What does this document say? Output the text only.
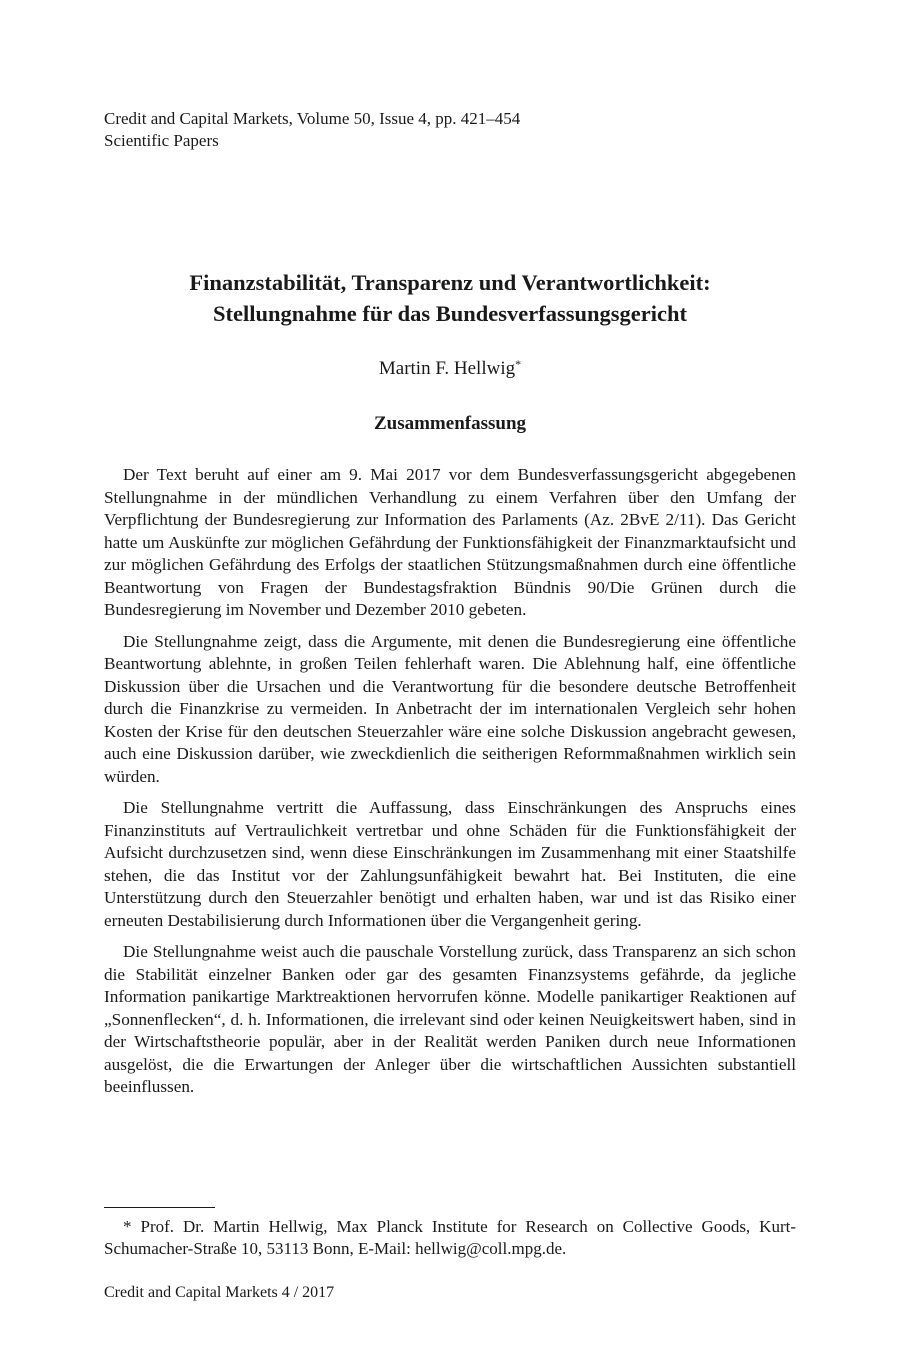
Credit and Capital Markets, Volume 50, Issue 4, pp. 421–454
Scientific Papers
Finanzstabilität, Transparenz und Verantwortlichkeit:
Stellungnahme für das Bundesverfassungsgericht
Martin F. Hellwig*
Zusammenfassung

Der Text beruht auf einer am 9. Mai 2017 vor dem Bundesverfassungsgericht abgegebenen Stellungnahme in der mündlichen Verhandlung zu einem Verfahren über den Umfang der Verpflichtung der Bundesregierung zur Information des Parlaments (Az. 2BvE 2/11). Das Gericht hatte um Auskünfte zur möglichen Gefährdung der Funktionsfähigkeit der Finanzmarktaufsicht und zur möglichen Gefährdung des Erfolgs der staatlichen Stützungsmaßnahmen durch eine öffentliche Beantwortung von Fragen der Bundestagsfraktion Bündnis 90/Die Grünen durch die Bundesregierung im November und Dezember 2010 gebeten.

Die Stellungnahme zeigt, dass die Argumente, mit denen die Bundesregierung eine öffentliche Beantwortung ablehnte, in großen Teilen fehlerhaft waren. Die Ablehnung half, eine öffentliche Diskussion über die Ursachen und die Verantwortung für die besondere deutsche Betroffenheit durch die Finanzkrise zu vermeiden. In Anbetracht der im internationalen Vergleich sehr hohen Kosten der Krise für den deutschen Steuerzahler wäre eine solche Diskussion angebracht gewesen, auch eine Diskussion darüber, wie zweckdienlich die seitherigen Reformmaßnahmen wirklich sein würden.

Die Stellungnahme vertritt die Auffassung, dass Einschränkungen des Anspruchs eines Finanzinstituts auf Vertraulichkeit vertretbar und ohne Schäden für die Funktionsfähigkeit der Aufsicht durchzusetzen sind, wenn diese Einschränkungen im Zusammenhang mit einer Staatshilfe stehen, die das Institut vor der Zahlungsunfähigkeit bewahrt hat. Bei Instituten, die eine Unterstützung durch den Steuerzahler benötigt und erhalten haben, war und ist das Risiko einer erneuten Destabilisierung durch Informationen über die Vergangenheit gering.

Die Stellungnahme weist auch die pauschale Vorstellung zurück, dass Transparenz an sich schon die Stabilität einzelner Banken oder gar des gesamten Finanzsystems gefährde, da jegliche Information panikartige Marktreaktionen hervorrufen könne. Modelle panikartiger Reaktionen auf „Sonnenflecken“, d. h. Informationen, die irrelevant sind oder keinen Neuigkeitswert haben, sind in der Wirtschaftstheorie populär, aber in der Realität werden Paniken durch neue Informationen ausgelöst, die die Erwartungen der Anleger über die wirtschaftlichen Aussichten substantiell beeinflussen.

* Prof. Dr. Martin Hellwig, Max Planck Institute for Research on Collective Goods, Kurt-Schumacher-Straße 10, 53113 Bonn, E-Mail: hellwig@coll.mpg.de.
Credit and Capital Markets 4 / 2017
